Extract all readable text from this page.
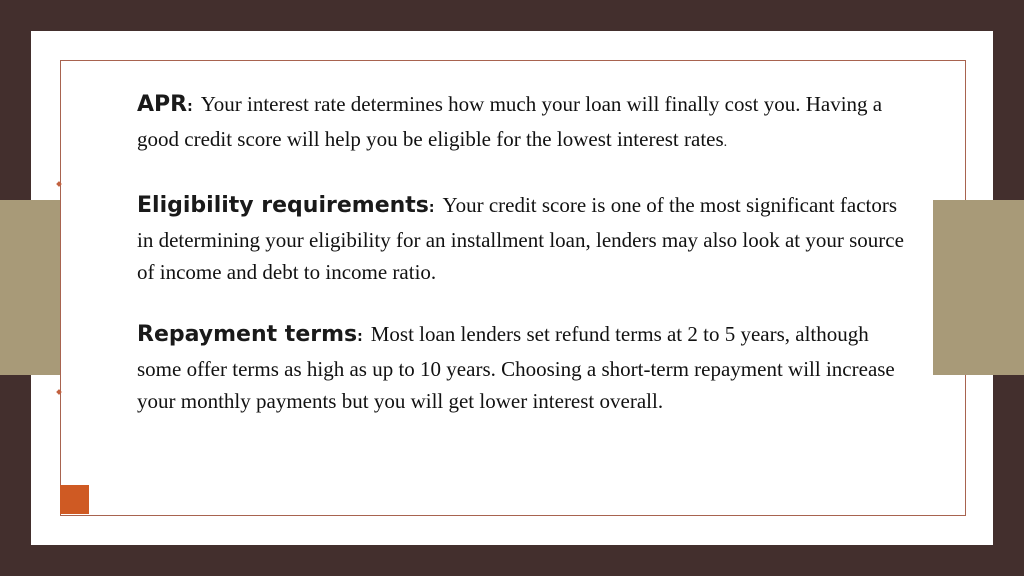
APR: Your interest rate determines how much your loan will finally cost you. Having a good credit score will help you be eligible for the lowest interest rates.

Eligibility requirements: Your credit score is one of the most significant factors in determining your eligibility for an installment loan, lenders may also look at your source of income and debt to income ratio.

Repayment terms: Most loan lenders set refund terms at 2 to 5 years, although some offer terms as high as up to 10 years. Choosing a short-term repayment will increase your monthly payments but you will get lower interest overall.
